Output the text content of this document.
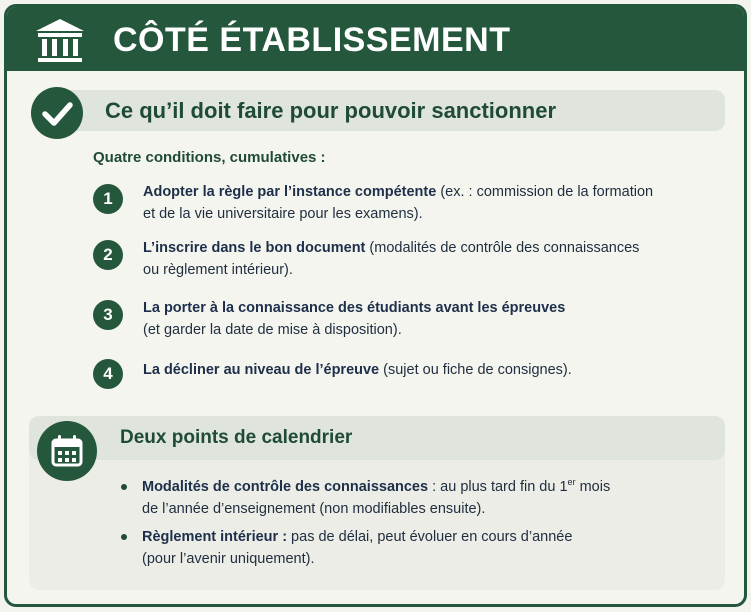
CÔTÉ ÉTABLISSEMENT
Ce qu’il doit faire pour pouvoir sanctionner
Quatre conditions, cumulatives :
1	Adopter la règle par l’instance compétente (ex. : commission de la formation
et de la vie universitaire pour les examens).
2	L’inscrire dans le bon document (modalités de contrôle des connaissances
ou règlement intérieur).
3	La porter à la connaissance des étudiants avant les épreuves
(et garder la date de mise à disposition).
4	La décliner au niveau de l’épreuve (sujet ou fiche de consignes).
Deux points de calendrier
Modalités de contrôle des connaissances : au plus tard fin du 1er mois
de l’année d’enseignement (non modifiables ensuite).
Règlement intérieur : pas de délai, peut évoluer en cours d’année
(pour l’avenir uniquement).
